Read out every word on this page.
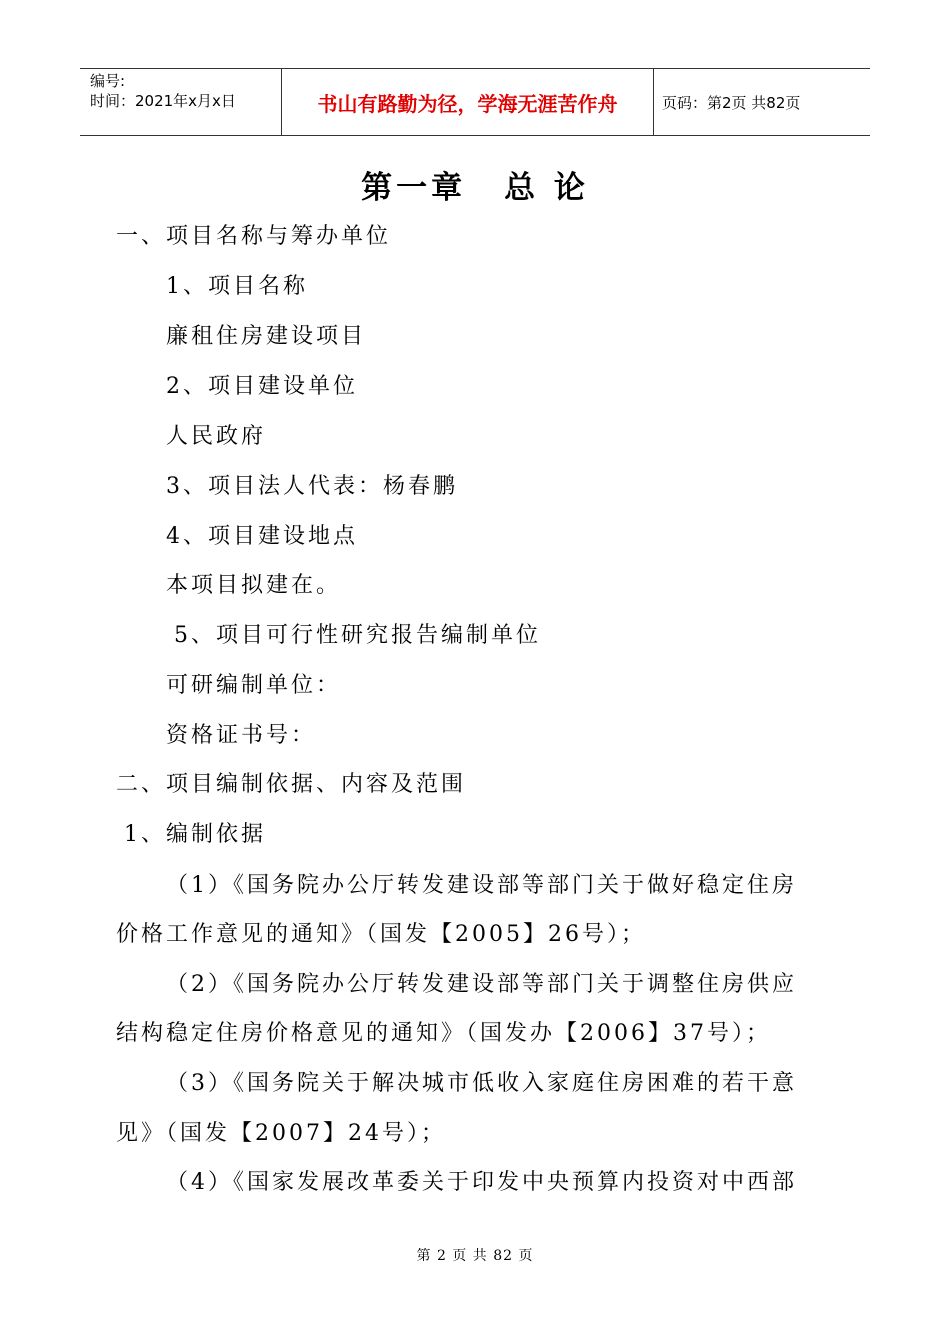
编号:
时间：2021年x月x日	书山有路勤为径，学海无涯苦作舟	页码：第2页 共82页
第一章 总 论
一、项目名称与筹办单位
1、项目名称
廉租住房建设项目
2、项目建设单位
人民政府
3、项目法人代表：杨春鹏
4、项目建设地点
本项目拟建在。
5、项目可行性研究报告编制单位
可研编制单位：
资格证书号：
二、项目编制依据、内容及范围
1、编制依据
（1）《国务院办公厅转发建设部等部门关于做好稳定住房
价格工作意见的通知》（国发【2005】26号）；
（2）《国务院办公厅转发建设部等部门关于调整住房供应
结构稳定住房价格意见的通知》（国发办【2006】37号）；
（3）《国务院关于解决城市低收入家庭住房困难的若干意
见》（国发【2007】24号）；
（4）《国家发展改革委关于印发中央预算内投资对中西部
第 2 页 共 82 页
